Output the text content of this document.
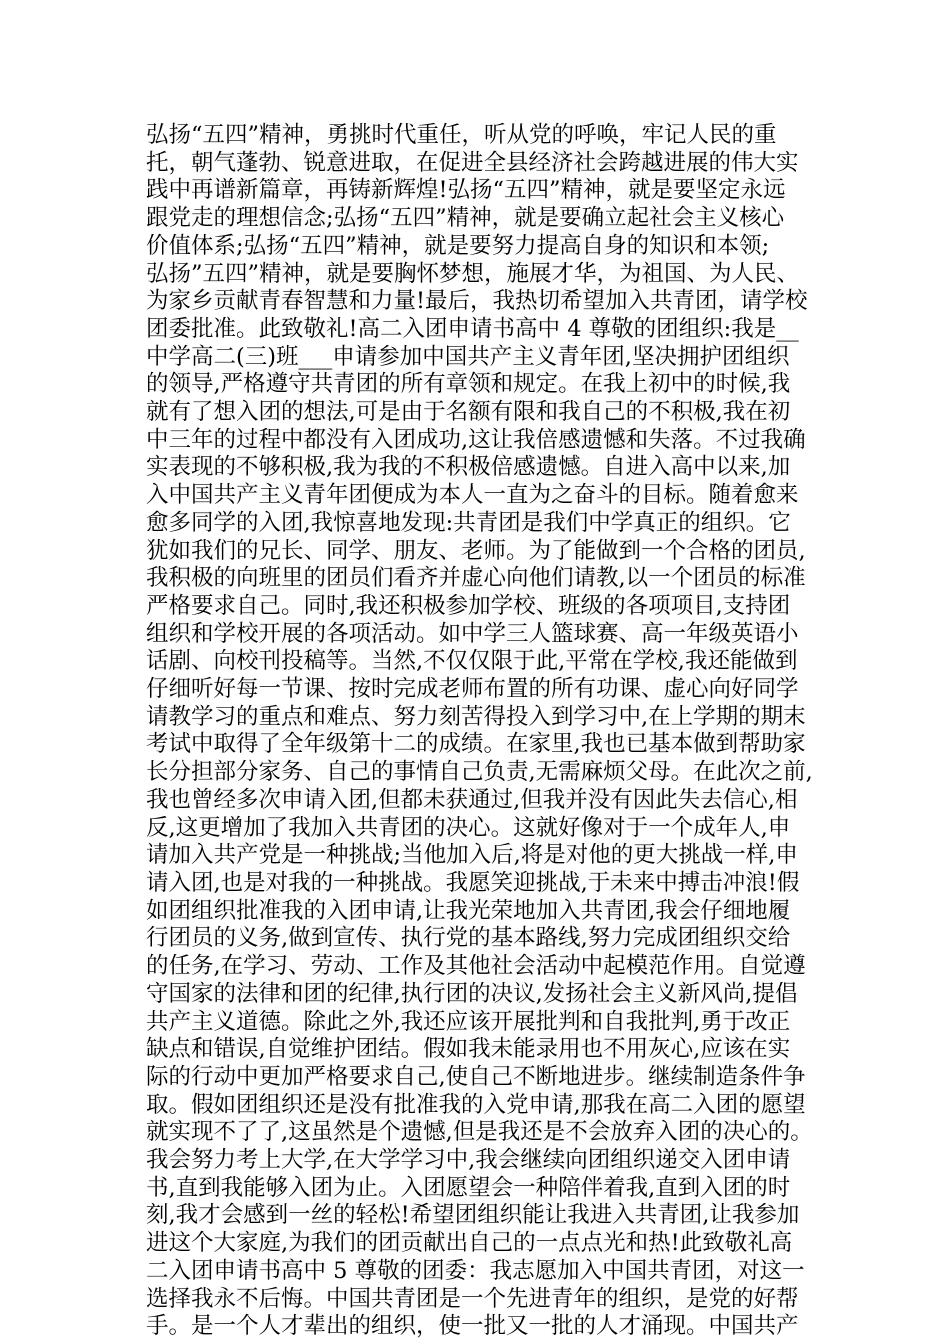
弘扬“五四”精神，勇挑时代重任，听从党的呼唤，牢记人民的重
托，朝气蓬勃、锐意进取，在促进全县经济社会跨越进展的伟大实
践中再谱新篇章，再铸新辉煌!弘扬“五四”精神，就是要坚定永远
跟党走的理想信念;弘扬“五四”精神，就是要确立起社会主义核心
价值体系;弘扬“五四”精神，就是要努力提高自身的知识和本领;
弘扬”五四”精神，就是要胸怀梦想，施展才华，为祖国、为人民、
为家乡贡献青春智慧和力量!最后，我热切希望加入共青团，请学校
团委批准。此致敬礼!高二入团申请书高中 4 尊敬的团组织:我是__
中学高二(三)班___申请参加中国共产主义青年团,坚决拥护团组织
的领导,严格遵守共青团的所有章领和规定。在我上初中的时候,我
就有了想入团的想法,可是由于名额有限和我自己的不积极,我在初
中三年的过程中都没有入团成功,这让我倍感遗憾和失落。不过我确
实表现的不够积极,我为我的不积极倍感遗憾。自进入高中以来,加
入中国共产主义青年团便成为本人一直为之奋斗的目标。随着愈来
愈多同学的入团,我惊喜地发现:共青团是我们中学真正的组织。它
犹如我们的兄长、同学、朋友、老师。为了能做到一个合格的团员,
我积极的向班里的团员们看齐并虚心向他们请教,以一个团员的标准
严格要求自己。同时,我还积极参加学校、班级的各项项目,支持团
组织和学校开展的各项活动。如中学三人篮球赛、高一年级英语小
话剧、向校刊投稿等。当然,不仅仅限于此,平常在学校,我还能做到
仔细听好每一节课、按时完成老师布置的所有功课、虚心向好同学
请教学习的重点和难点、努力刻苦得投入到学习中,在上学期的期末
考试中取得了全年级第十二的成绩。在家里,我也已基本做到帮助家
长分担部分家务、自己的事情自己负责,无需麻烦父母。在此次之前,
我也曾经多次申请入团,但都未获通过,但我并没有因此失去信心,相
反,这更增加了我加入共青团的决心。这就好像对于一个成年人,申
请加入共产党是一种挑战;当他加入后,将是对他的更大挑战一样,申
请入团,也是对我的一种挑战。我愿笑迎挑战,于未来中搏击冲浪!假
如团组织批准我的入团申请,让我光荣地加入共青团,我会仔细地履
行团员的义务,做到宣传、执行党的基本路线,努力完成团组织交给
的任务,在学习、劳动、工作及其他社会活动中起模范作用。自觉遵
守国家的法律和团的纪律,执行团的决议,发扬社会主义新风尚,提倡
共产主义道德。除此之外,我还应该开展批判和自我批判,勇于改正
缺点和错误,自觉维护团结。假如我未能录用也不用灰心,应该在实
际的行动中更加严格要求自己,使自己不断地进步。继续制造条件争
取。假如团组织还是没有批准我的入党申请,那我在高二入团的愿望
就实现不了了,这虽然是个遗憾,但是我还是不会放弃入团的决心的。
我会努力考上大学,在大学学习中,我会继续向团组织递交入团申请
书,直到我能够入团为止。入团愿望会一种陪伴着我,直到入团的时
刻,我才会感到一丝的轻松!希望团组织能让我进入共青团,让我参加
进这个大家庭,为我们的团贡献出自己的一点点光和热!此致敬礼高
二入团申请书高中 5 尊敬的团委：我志愿加入中国共青团，对这一
选择我永不后悔。中国共青团是一个先进青年的组织，是党的好帮
手。是一个人才辈出的组织，使一批又一批的人才涌现。中国共产
